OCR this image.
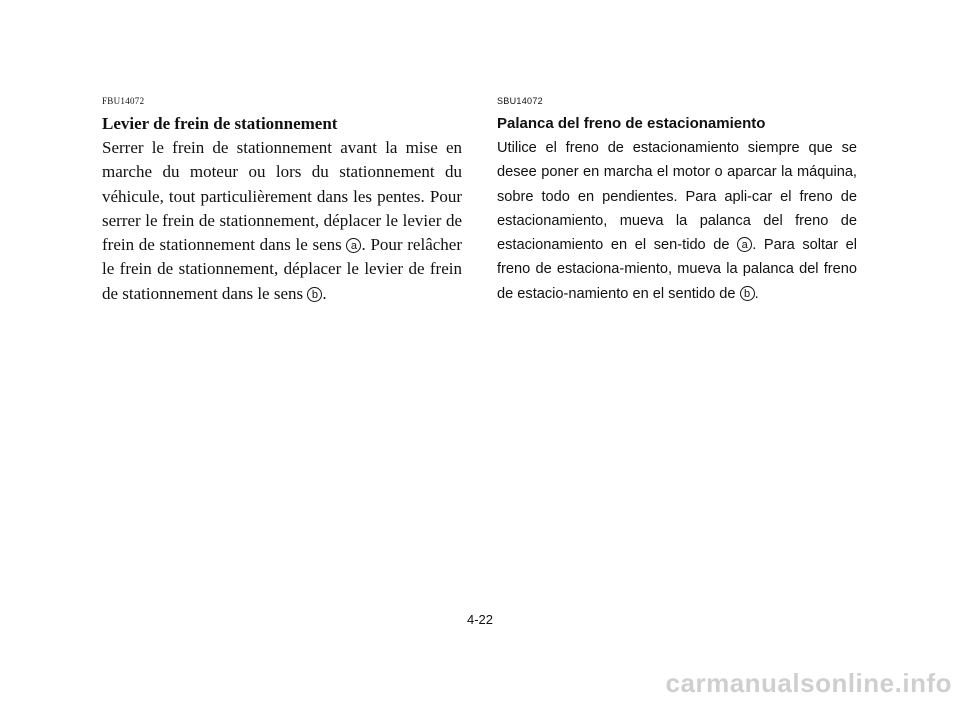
FBU14072

Levier de frein de stationnement

Serrer le frein de stationnement avant la mise en marche du moteur ou lors du stationnement du véhicule, tout particulièrement dans les pentes. Pour serrer le frein de stationnement, déplacer le levier de frein de stationnement dans le sens a . Pour relâcher le frein de stationnement, déplacer le levier de frein de stationnement dans le sens b .

SBU14072

Palanca del freno de estacionamiento

Utilice el freno de estacionamiento siempre que se desee poner en marcha el motor o aparcar la máquina, sobre todo en pendientes. Para apli-car el freno de estacionamiento, mueva la palanca del freno de estacionamiento en el sen-tido de a . Para soltar el freno de estaciona-miento, mueva la palanca del freno de estacio-namiento en el sentido de b .

4-22

carmanualsonline.info
